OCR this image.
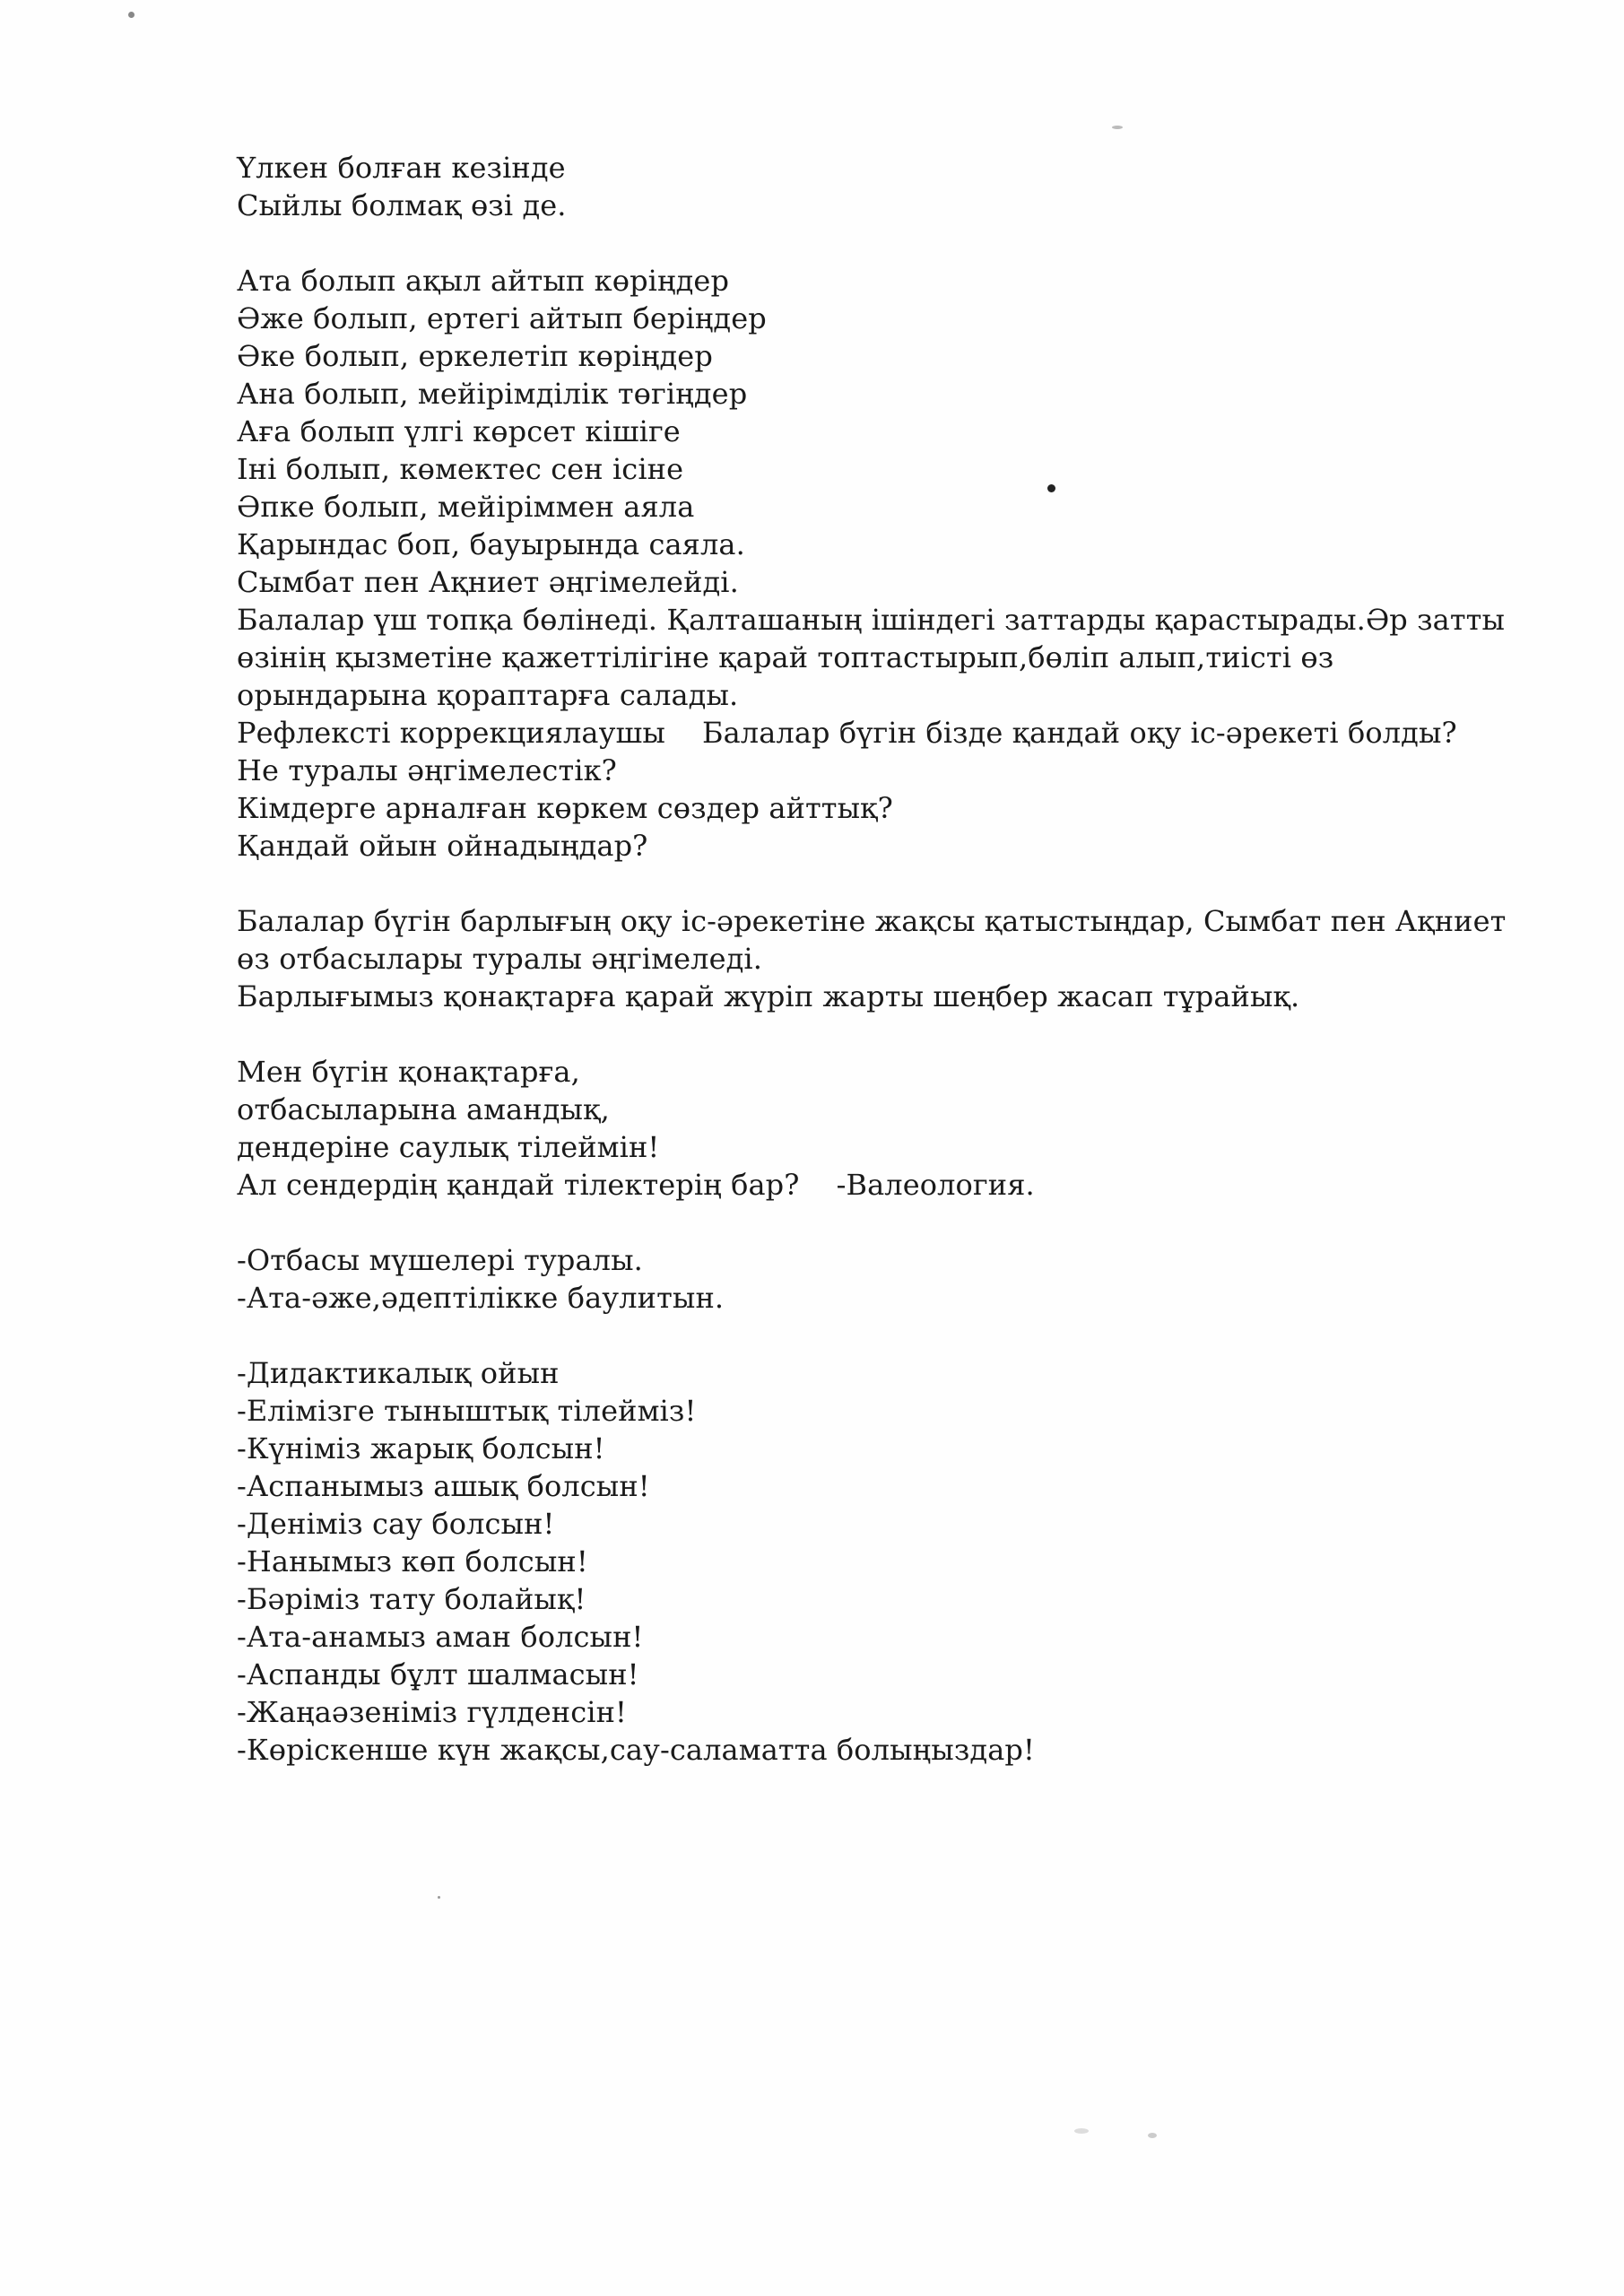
Үлкен болған кезінде
Сыйлы болмақ өзі де.
Ата болып ақыл айтып көріңдер
Әже болып, ертегі айтып беріңдер
Әке болып, еркелетіп көріңдер
Ана болып, мейірімділік төгіңдер
Аға болып үлгі көрсет кішіге
Іні болып, көмектес сен ісіне
Әпке болып, мейіріммен аяла
Қарындас боп, бауырында саяла.
Сымбат пен Ақниет әңгімелейді.
Балалар үш топқа бөлінеді. Қалташаның ішіндегі заттарды қарастырады.Әр затты
өзінің қызметіне қажеттілігіне қарай топтастырып,бөліп алып,тиісті өз
орындарына қораптарға салады.
Рефлексті коррекциялаушы    Балалар бүгін бізде қандай оқу іс-әрекеті болды?
Не туралы әңгімелестік?
Кімдерге арналған көркем сөздер айттық?
Қандай ойын ойнадыңдар?
Балалар бүгін барлығың оқу іс-әрекетіне жақсы қатыстыңдар, Сымбат пен Ақниет
өз отбасылары туралы әңгімеледі.
Барлығымыз қонақтарға қарай жүріп жарты шеңбер жасап тұрайық.
Мен бүгін қонақтарға,
отбасыларына амандық,
дендеріне саулық тілеймін!
Ал сендердің қандай тілектерің бар?    -Валеология.
-Отбасы мүшелері туралы.
-Ата-әже,әдептілікке баулитын.
-Дидактикалық ойын
-Елімізге тыныштық тілейміз!
-Күніміз жарық болсын!
-Аспанымыз ашық болсын!
-Деніміз сау болсын!
-Нанымыз көп болсын!
-Бәріміз тату болайық!
-Ата-анамыз аман болсын!
-Аспанды бұлт шалмасын!
-Жаңаәзеніміз гүлденсін!
-Көріскенше күн жақсы,сау-саламатта болыңыздар!
